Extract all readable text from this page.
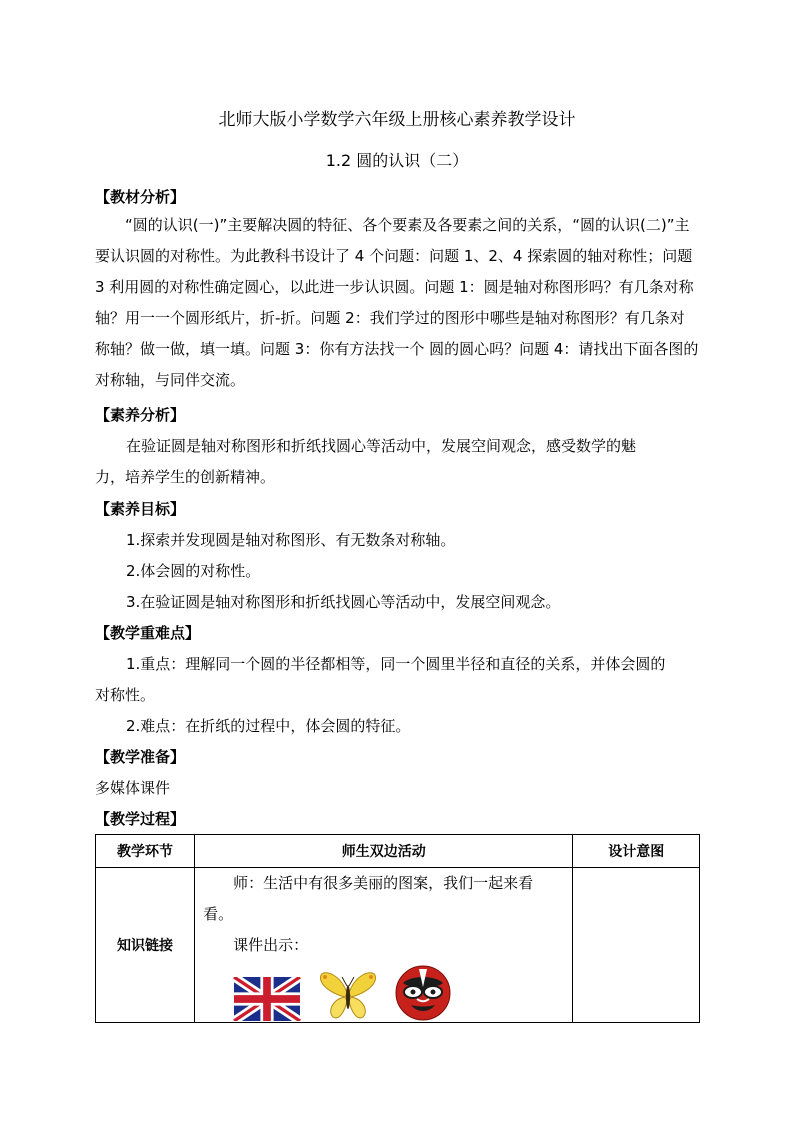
北师大版小学数学六年级上册核心素养教学设计
1.2 圆的认识（二）
【教材分析】
“圆的认识(一)”主要解决圆的特征、各个要素及各要素之间的关系，“圆的认识(二)”主要认识圆的对称性。为此教科书设计了 4 个问题：问题 1、2、4 探索圆的轴对称性；问题 3 利用圆的对称性确定圆心，以此进一步认识圆。问题 1：圆是轴对称图形吗？有几条对称轴？用一一个圆形纸片，折-折。问题 2：我们学过的图形中哪些是轴对称图形？有几条对称轴？做一做，填一填。问题 3：你有方法找一个 圆的圆心吗？问题 4：请找出下面各图的对称轴，与同伴交流。
【素养分析】
在验证圆是轴对称图形和折纸找圆心等活动中，发展空间观念，感受数学的魅
力，培养学生的创新精神。
【素养目标】
1.探索并发现圆是轴对称图形、有无数条对称轴。
2.体会圆的对称性。
3.在验证圆是轴对称图形和折纸找圆心等活动中，发展空间观念。
【教学重难点】
1.重点：理解同一个圆的半径都相等，同一个圆里半径和直径的关系，并体会圆的
对称性。
2.难点：在折纸的过程中，体会圆的特征。
【教学准备】
多媒体课件
【教学过程】
教学环节	师生双边活动	设计意图
知识链接	师：生活中有很多美丽的图案，我们一起来看
看。
课件出示：	
